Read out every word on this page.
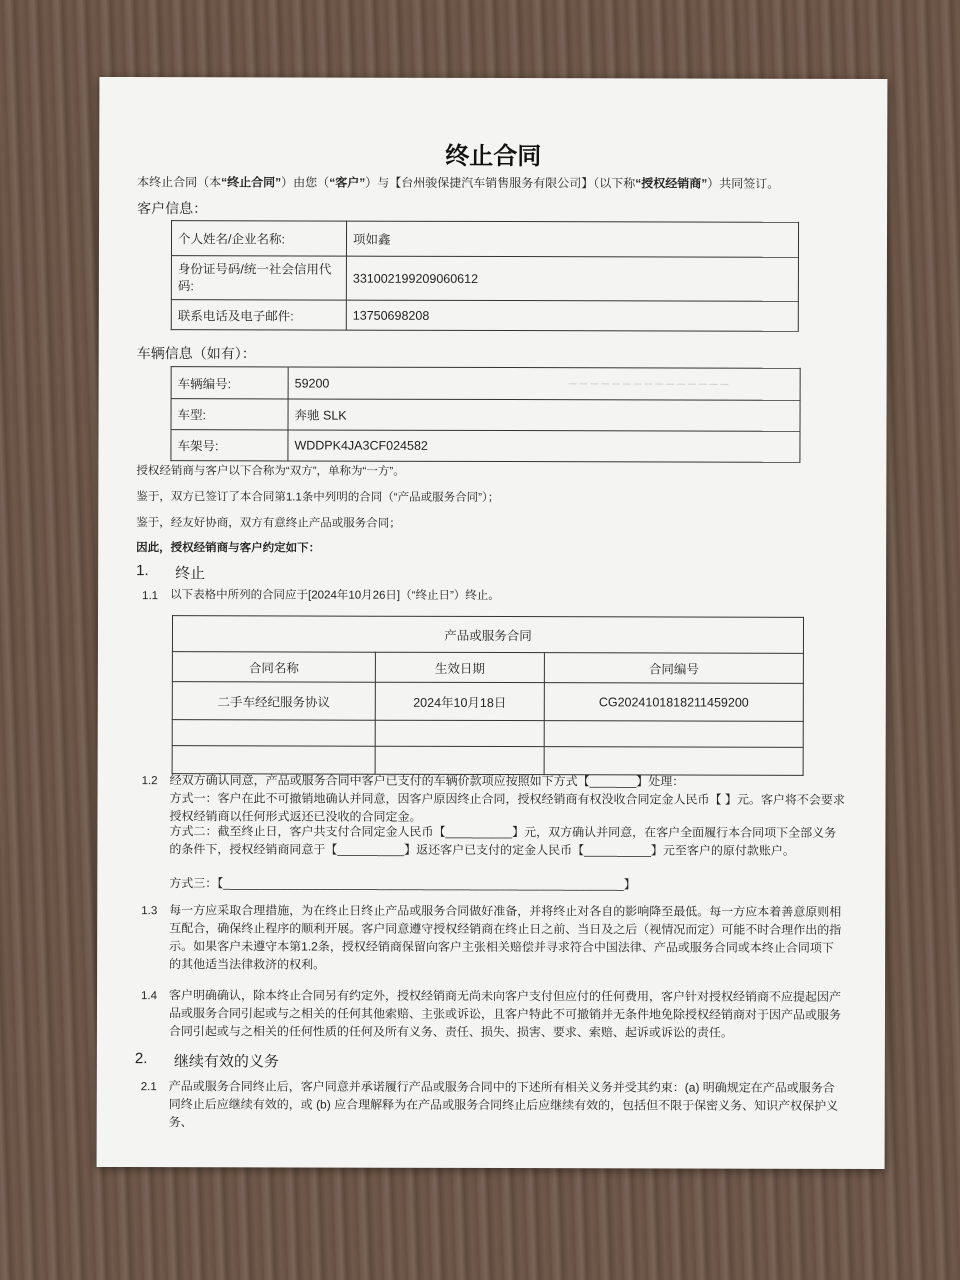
─ ─ ─ ─ ─ ─ ─ ─ ─ ─ ─ ─ ─ ─ ─
终止合同
本终止合同（本“终止合同”）由您（“客户”）与【台州骏保捷汽车销售服务有限公司】（以下称“授权经销商”）共同签订。
客户信息：
个人姓名/企业名称:	项如鑫
身份证号码/统一社会信用代码:	331002199209060612
联系电话及电子邮件:	13750698208
车辆信息（如有）：
车辆编号:	59200
车型:	奔驰 SLK
车架号:	WDDPK4JA3CF024582
授权经销商与客户以下合称为“双方”，单称为“一方”。
鉴于，双方已签订了本合同第1.1条中列明的合同（“产品或服务合同”）；
鉴于，经友好协商，双方有意终止产品或服务合同；
因此，授权经销商与客户约定如下：
1. 终止
1.1 以下表格中所列的合同应于[2024年10月26日]（“终止日”）终止。
产品或服务合同		
合同名称	生效日期	合同编号
二手车经纪服务协议	2024年10月18日	CG2024101818211459200

1.2 经双方确认同意，产品或服务合同中客户已支付的车辆价款项应按照如下方式【_______】处理：
方式一：客户在此不可撤销地确认并同意，因客户原因终止合同，授权经销商有权没收合同定金人民币【 】元。客户将不会要求授权经销商以任何形式返还已没收的合同定金。
方式二：截至终止日，客户共支付合同定金人民币【__________】元，双方确认并同意，在客户全面履行本合同项下全部义务的条件下，授权经销商同意于【__________】返还客户已支付的定金人民币【__________】元至客户的原付款账户。
方式三：【____________________________________________________________】
1.3 每一方应采取合理措施，为在终止日终止产品或服务合同做好准备，并将终止对各自的影响降至最低。每一方应本着善意原则相互配合，确保终止程序的顺利开展。客户同意遵守授权经销商在终止日之前、当日及之后（视情况而定）可能不时合理作出的指示。如果客户未遵守本第1.2条，授权经销商保留向客户主张相关赔偿并寻求符合中国法律、产品或服务合同或本终止合同项下的其他适当法律救济的权利。
1.4 客户明确确认，除本终止合同另有约定外，授权经销商无尚未向客户支付但应付的任何费用，客户针对授权经销商不应提起因产品或服务合同引起或与之相关的任何其他索赔、主张或诉讼，且客户特此不可撤销并无条件地免除授权经销商对于因产品或服务合同引起或与之相关的任何性质的任何及所有义务、责任、损失、损害、要求、索赔、起诉或诉讼的责任。
2. 继续有效的义务
2.1 产品或服务合同终止后，客户同意并承诺履行产品或服务合同中的下述所有相关义务并受其约束：(a) 明确规定在产品或服务合同终止后应继续有效的，或 (b) 应合理解释为在产品或服务合同终止后应继续有效的，包括但不限于保密义务、知识产权保护义务、
